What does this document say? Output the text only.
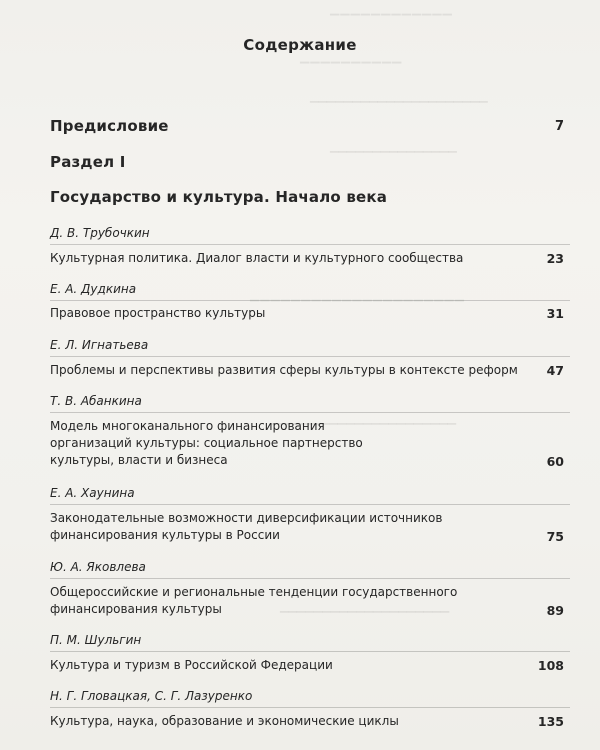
▔▔▔▔▔▔▔▔▔▔▔▔
▔▔▔▔▔▔▔▔▔▔
▁▁▁▁▁▁▁▁▁▁▁▁▁▁▁▁▁▁▁▁▁
▁▁▁▁▁▁▁▁▁▁▁▁▁▁▁
▔▔▔▔▔▔▔▔▔▔▔▔▔▔▔▔▔▔▔▔▔
▁▁▁▁▁▁▁▁▁▁▁▁▁▁▁▁▁▁▁▁▁▁
▁▁▁▁▁▁▁▁▁▁▁▁▁▁▁▁▁▁▁▁
Содержание
Предисловие	7
Раздел I
Государство и культура. Начало века
Д. В. Трубочкин
Культурная политика. Диалог власти и культурного сообщества	23
Е. А. Дудкина
Правовое пространство культуры	31
Е. Л. Игнатьева
Проблемы и перспективы развития сферы культуры в контексте реформ	47
Т. В. Абанкина
Модель многоканального финансирования организаций культуры: социальное партнерство культуры, власти и бизнеса	60
Е. А. Хаунина
Законодательные возможности диверсификации источников финансирования культуры в России	75
Ю. А. Яковлева
Общероссийские и региональные тенденции государственного финансирования культуры	89
П. М. Шульгин
Культура и туризм в Российской Федерации	108
Н. Г. Гловацкая, С. Г. Лазуренко
Культура, наука, образование и экономические циклы	135
